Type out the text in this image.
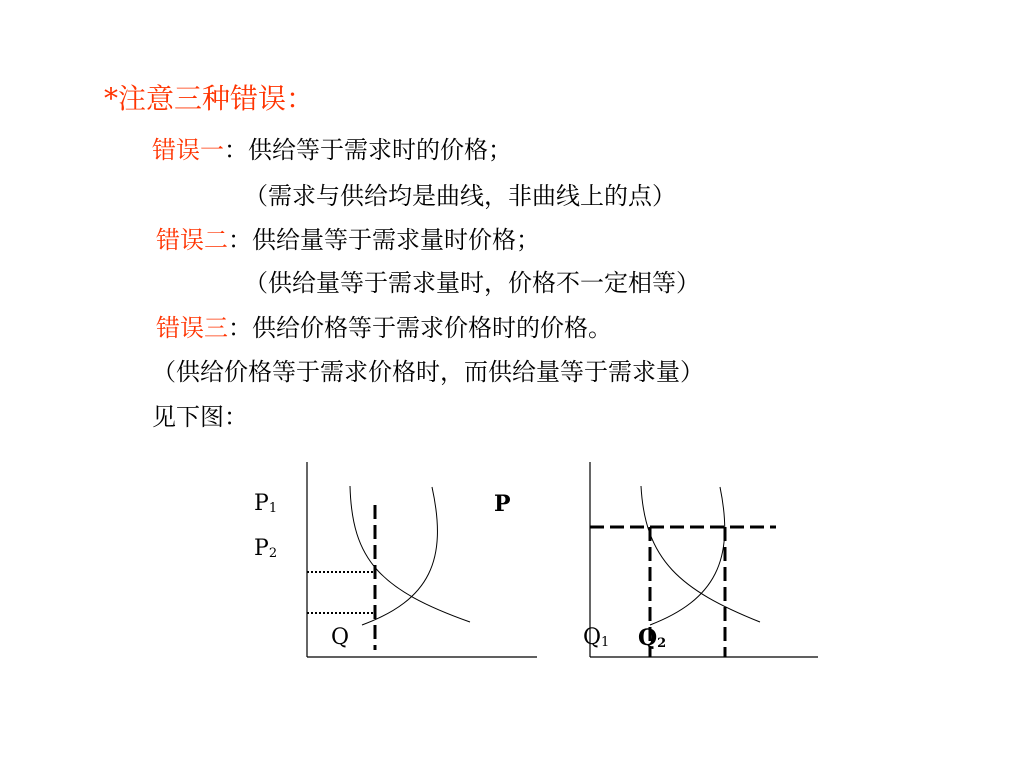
*注意三种错误：
错误一：供给等于需求时的价格；
（需求与供给均是曲线，非曲线上的点）
错误二：供给量等于需求量时价格；
（供给量等于需求量时，价格不一定相等）
错误三：供给价格等于需求价格时的价格。
（供给价格等于需求价格时，而供给量等于需求量）
见下图：
$P_1$
$P_2$
Q
P
$Q_1$ $Q_2$
